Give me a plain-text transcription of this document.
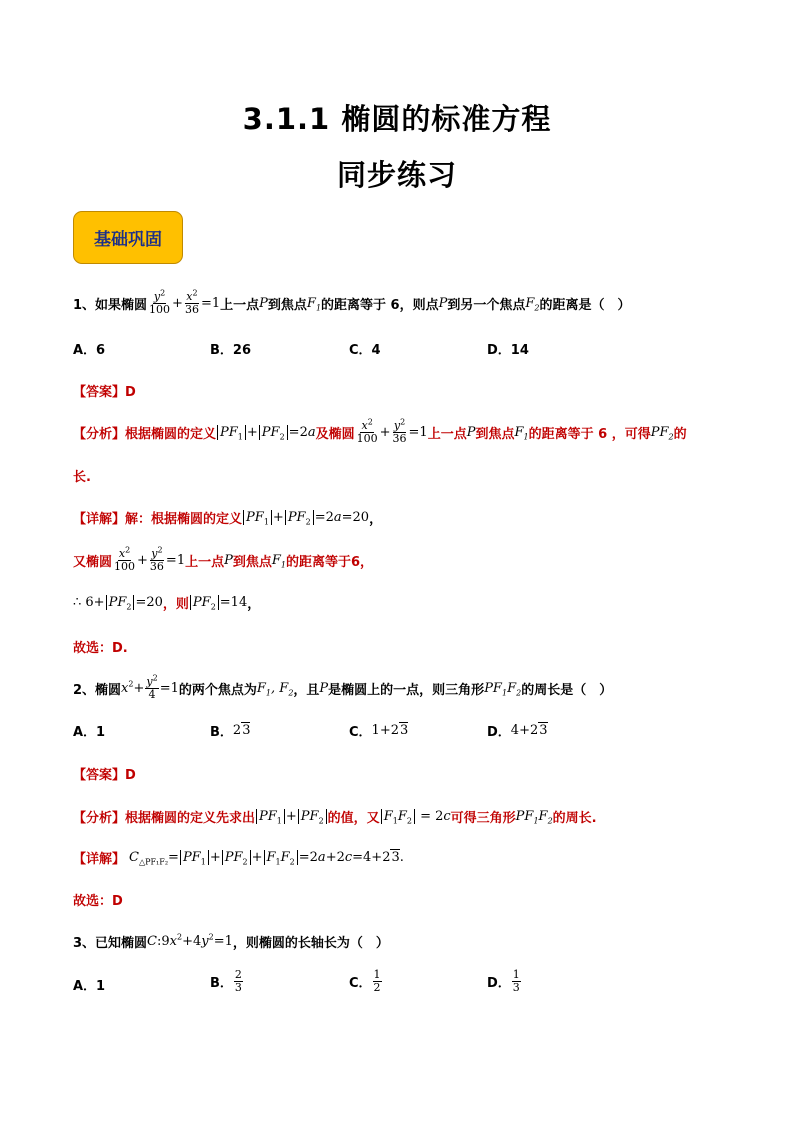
3.1.1 椭圆的标准方程
同步练习
基础巩固
1、如果椭圆 $\frac{y^2}{100} + \frac{x^2}{36} =1$ 上一点 P 到焦点 $F_1$ 的距离等于 6，则点 P 到另一个焦点 $F_2$ 的距离是（　）
A．6	B．26	C．4	D．14
【答案】D
【分析】根据椭圆的定义 $PF_1 + PF_2 =2a$ 及椭圆 $\frac{x^2}{100} + \frac{y^2}{36} =1$ 上一点 P 到焦点 $F_1$ 的距离等于 6 ，可得 $PF_2$ 的
长.
【详解】 解：根据椭圆的定义 $PF_1 + PF_2 =2a=20$ ，
又椭圆 $\frac{x^2}{100} + \frac{y^2}{36} =1$ 上一点 P 到焦点 $F_1$ 的距离等于6，
∴ $6+ PF_2 =20$ ，则 $PF_2 =14$ ，
故选：D.
2、椭圆 $x^2+ \frac{y^2}{4} =1$ 的两个焦点为 $F_1$, $F_2$ ，且 P 是椭圆上的一点，则三角形 $PF_1F_2$ 的周长是（　）
A．1	B． 23	C． 1+23	D． 4+23
【答案】D
【分析】根据椭圆的定义先求出 $PF_1 + PF_2$ 的值，又 $F_1F_2 = 2c$ 可得三角形 $PF_1F_2$ 的周长.
【详解】 $C_{\triangle PF_1F_2}= PF_1 + PF_2 + F_1F_2 =2a+2c=4+23$.
故选：D
3、已知椭圆 $C:9x^2+4y^2=1$ ，则椭圆的长轴长为（　）
A．1	B． $\frac{2}{3}$	C． $\frac{1}{2}$	D． $\frac{1}{3}$
